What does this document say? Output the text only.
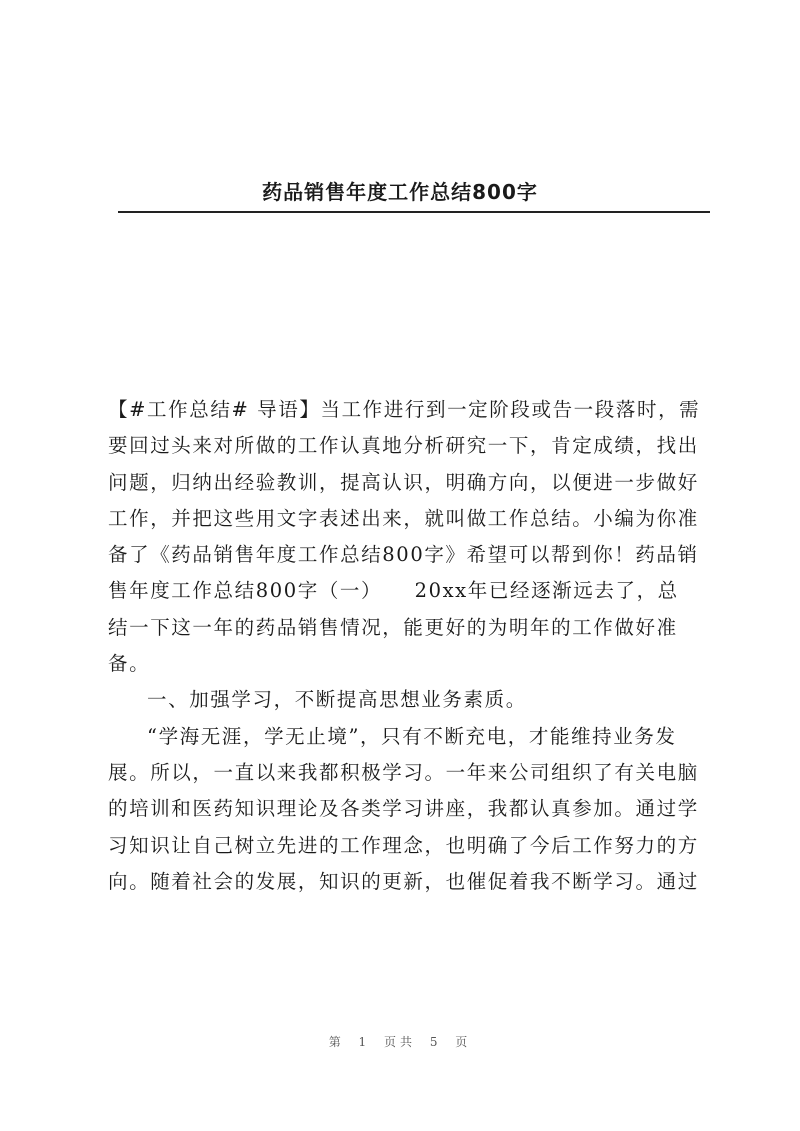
药品销售年度工作总结800字

【#工作总结# 导语】当工作进行到一定阶段或告一段落时，需

要回过头来对所做的工作认真地分析研究一下，肯定成绩，找出

问题，归纳出经验教训，提高认识，明确方向，以便进一步做好

工作，并把这些用文字表述出来，就叫做工作总结。小编为你准

备了《药品销售年度工作总结800字》希望可以帮到你！药品销

售年度工作总结800字（一）　　20xx年已经逐渐远去了，总

结一下这一年的药品销售情况，能更好的为明年的工作做好准

备。

一、加强学习，不断提高思想业务素质。

“学海无涯，学无止境”，只有不断充电，才能维持业务发

展。所以，一直以来我都积极学习。一年来公司组织了有关电脑

的培训和医药知识理论及各类学习讲座，我都认真参加。通过学

习知识让自己树立先进的工作理念，也明确了今后工作努力的方

向。随着社会的发展，知识的更新，也催促着我不断学习。通过

第 1 页共 5 页
